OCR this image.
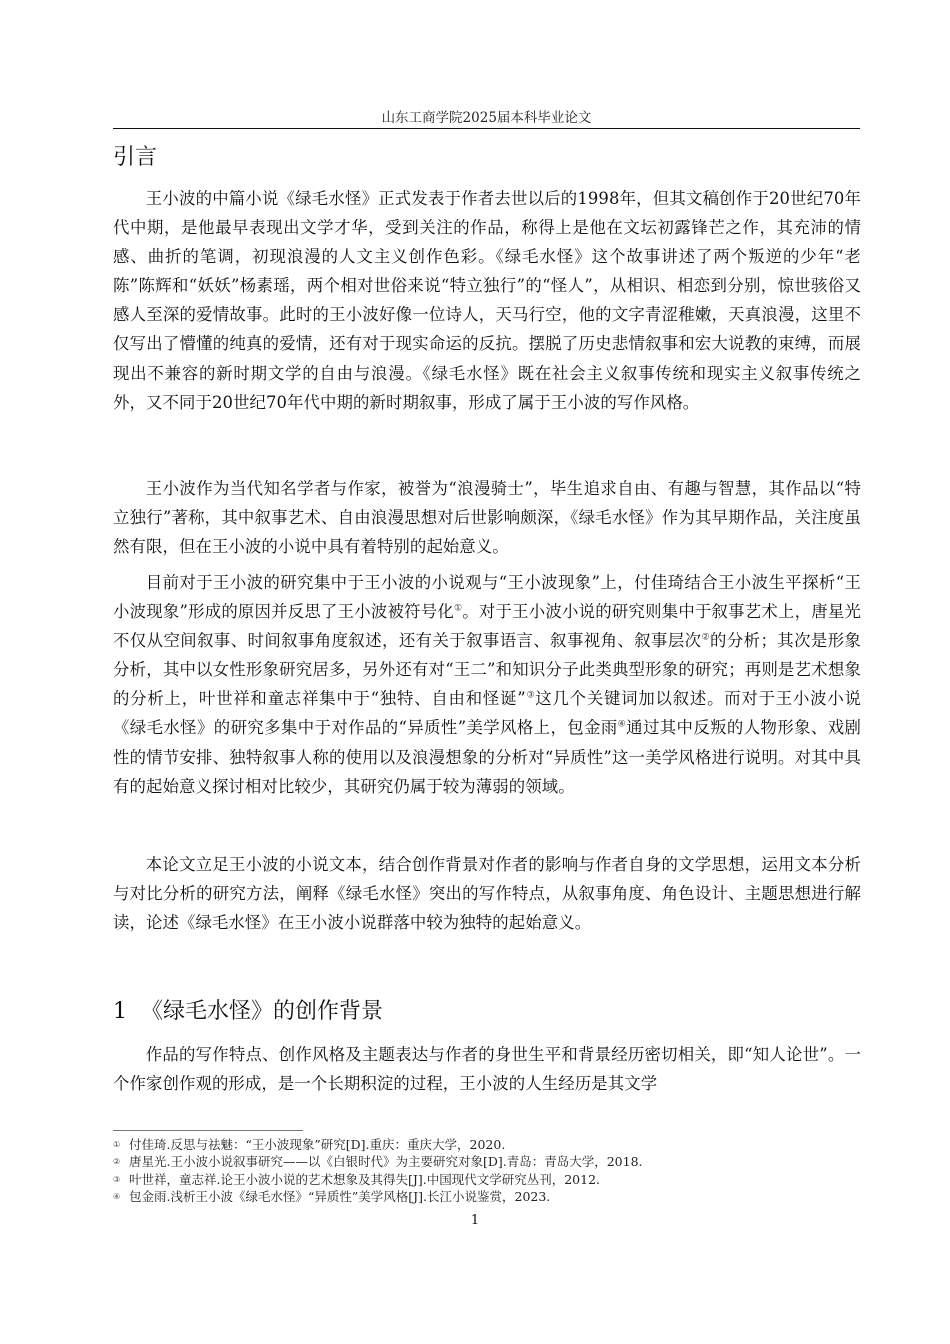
山东工商学院2025届本科毕业论文
引言

王小波的中篇小说《绿毛水怪》正式发表于作者去世以后的1998年，但其文稿创作于20世纪70年代中期，是他最早表现出文学才华，受到关注的作品，称得上是他在文坛初露锋芒之作，其充沛的情感、曲折的笔调，初现浪漫的人文主义创作色彩。《绿毛水怪》这个故事讲述了两个叛逆的少年“老陈”陈辉和“妖妖”杨素瑶，两个相对世俗来说“特立独行”的“怪人”，从相识、相恋到分别，惊世骇俗又感人至深的爱情故事。此时的王小波好像一位诗人，天马行空，他的文字青涩稚嫩，天真浪漫，这里不仅写出了懵懂的纯真的爱情，还有对于现实命运的反抗。摆脱了历史悲情叙事和宏大说教的束缚，而展现出不兼容的新时期文学的自由与浪漫。《绿毛水怪》既在社会主义叙事传统和现实主义叙事传统之外，又不同于20世纪70年代中期的新时期叙事，形成了属于王小波的写作风格。

王小波作为当代知名学者与作家，被誉为“浪漫骑士”，毕生追求自由、有趣与智慧，其作品以“特立独行”著称，其中叙事艺术、自由浪漫思想对后世影响颇深，《绿毛水怪》作为其早期作品，关注度虽然有限，但在王小波的小说中具有着特别的起始意义。

目前对于王小波的研究集中于王小波的小说观与“王小波现象”上，付佳琦结合王小波生平探析“王小波现象”形成的原因并反思了王小波被符号化①。对于王小波小说的研究则集中于叙事艺术上，唐星光不仅从空间叙事、时间叙事角度叙述，还有关于叙事语言、叙事视角、叙事层次②的分析；其次是形象分析，其中以女性形象研究居多，另外还有对“王二”和知识分子此类典型形象的研究；再则是艺术想象的分析上，叶世祥和童志祥集中于“独特、自由和怪诞”③这几个关键词加以叙述。而对于王小波小说《绿毛水怪》的研究多集中于对作品的“异质性”美学风格上，包金雨④通过其中反叛的人物形象、戏剧性的情节安排、独特叙事人称的使用以及浪漫想象的分析对“异质性”这一美学风格进行说明。对其中具有的起始意义探讨相对比较少，其研究仍属于较为薄弱的领域。

本论文立足王小波的小说文本，结合创作背景对作者的影响与作者自身的文学思想，运用文本分析与对比分析的研究方法，阐释《绿毛水怪》突出的写作特点，从叙事角度、角色设计、主题思想进行解读，论述《绿毛水怪》在王小波小说群落中较为独特的起始意义。

1 《绿毛水怪》的创作背景

作品的写作特点、创作风格及主题表达与作者的身世生平和背景经历密切相关，即“知人论世”。一个作家创作观的形成，是一个长期积淀的过程，王小波的人生经历是其文学

① 付佳琦.反思与祛魅：“王小波现象”研究[D].重庆：重庆大学，2020.
② 唐星光.王小波小说叙事研究——以《白银时代》为主要研究对象[D].青岛：青岛大学，2018.
③ 叶世祥，童志祥.论王小波小说的艺术想象及其得失[J].中国现代文学研究丛刊，2012.
④ 包金雨.浅析王小波《绿毛水怪》“异质性”美学风格[J].长江小说鉴赏，2023.
1
